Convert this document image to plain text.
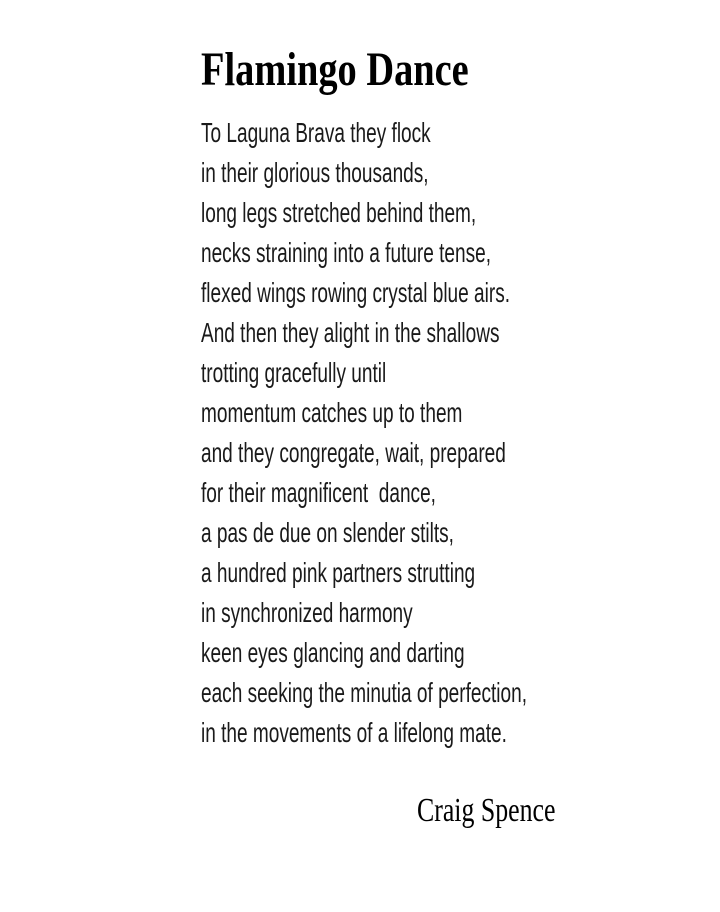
Flamingo Dance
To Laguna Brava they flock
in their glorious thousands,
long legs stretched behind them,
necks straining into a future tense,
flexed wings rowing crystal blue airs.
And then they alight in the shallows
trotting gracefully until
momentum catches up to them
and they congregate, wait, prepared
for their magnificent  dance,
a pas de due on slender stilts,
a hundred pink partners strutting
in synchronized harmony
keen eyes glancing and darting
each seeking the minutia of perfection,
in the movements of a lifelong mate.
Craig Spence
